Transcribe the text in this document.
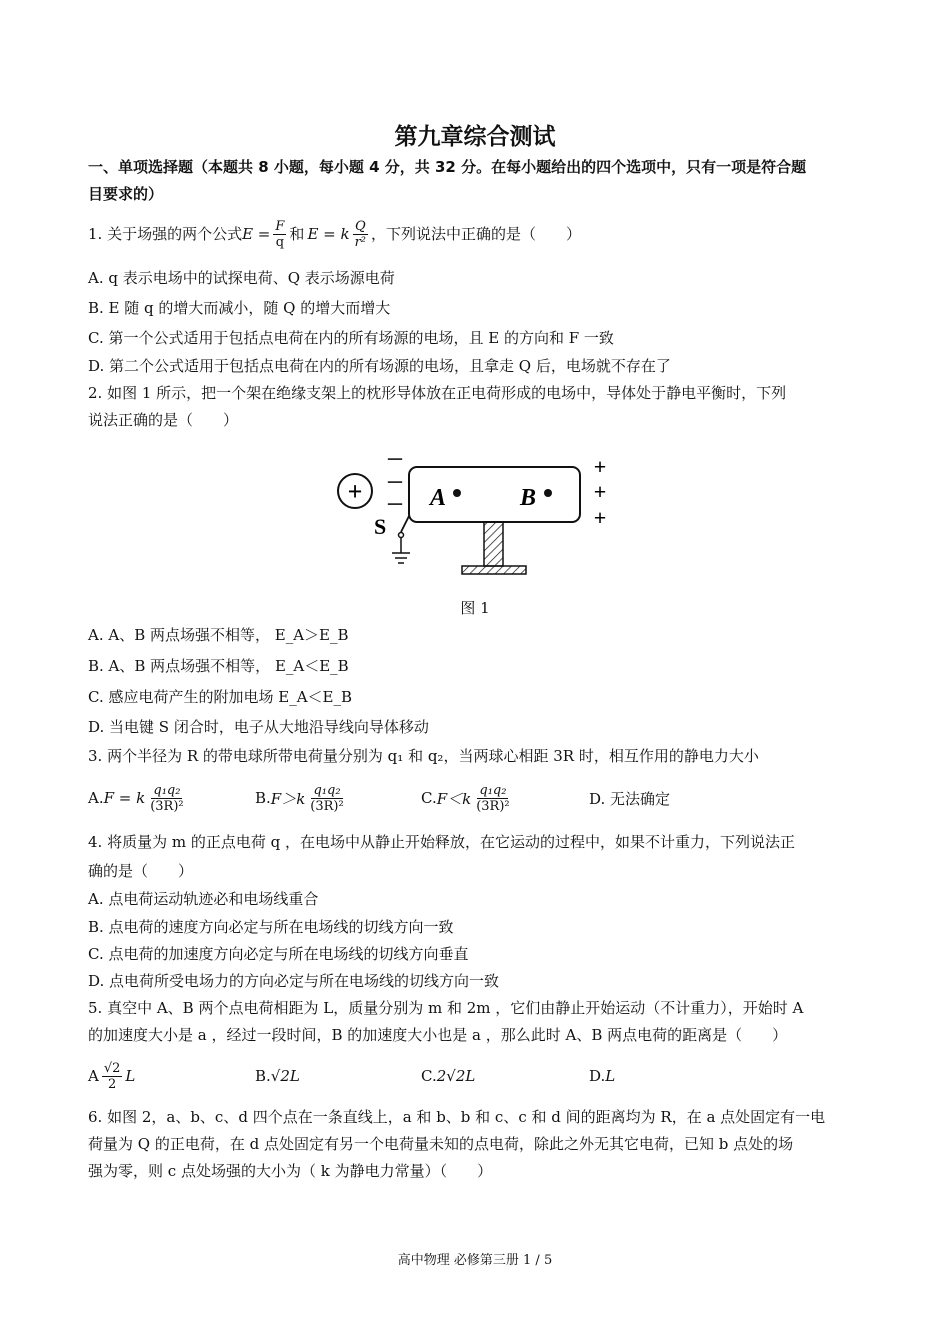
第九章综合测试
一、单项选择题（本题共 8 小题，每小题 4 分，共 32 分。在每小题给出的四个选项中，只有一项是符合题
目要求的）
1. 关于场强的两个公式 $E = \frac{F}{q}$ 和 E = k $\frac{Q}{\text{r²}}$ ，下列说法中正确的是（　　）
A. q 表示电场中的试探电荷、Q 表示场源电荷
B. E 随 q 的增大而减小，随 Q 的增大而增大
C. 第一个公式适用于包括点电荷在内的所有场源的电场，且 E 的方向和 F 一致
D. 第二个公式适用于包括点电荷在内的所有场源的电场，且拿走 Q 后，电场就不存在了
2. 如图 1 所示，把一个架在绝缘支架上的枕形导体放在正电荷形成的电场中，导体处于静电平衡时，下列
说法正确的是（　　）
+	A	B
－
－
－
+
+
+
S
图 1
A. A、B 两点场强不相等， E_A＞E_B
B. A、B 两点场强不相等， E_A＜E_B
C. 感应电荷产生的附加电场 E_A＜E_B
D. 当电键 S 闭合时，电子从大地沿导线向导体移动
3. 两个半径为 R 的带电球所带电荷量分别为 q₁ 和 q₂，当两球心相距 3R 时，相互作用的静电力大小
A. F = k $\frac{\text{q₁q₂}}{\text{(3R)²}}$	B. $F>k \frac{\text{q₁q₂}}{\text{(3R)²}}$	C. $F<k \frac{\text{q₁q₂}}{\text{(3R)²}}$	D. 无法确定
4. 将质量为 m 的正点电荷 q ，在电场中从静止开始释放，在它运动的过程中，如果不计重力，下列说法正
确的是（　　）
A. 点电荷运动轨迹必和电场线重合
B. 点电荷的速度方向必定与所在电场线的切线方向一致
C. 点电荷的加速度方向必定与所在电场线的切线方向垂直
D. 点电荷所受电场力的方向必定与所在电场线的切线方向一致
5. 真空中 A、B 两个点电荷相距为 L，质量分别为 m 和 2m ，它们由静止开始运动（不计重力），开始时 A
的加速度大小是 a ，经过一段时间，B 的加速度大小也是 a ，那么此时 A、B 两点电荷的距离是（　　）
A $\frac{√2}{2}$ L	B. √2L	C. 2√2L	D. L
6. 如图 2，a、b、c、d 四个点在一条直线上，a 和 b、b 和 c、c 和 d 间的距离均为 R，在 a 点处固定有一电
荷量为 Q 的正电荷，在 d 点处固定有另一个电荷量未知的点电荷，除此之外无其它电荷，已知 b 点处的场
强为零，则 c 点处场强的大小为（ k 为静电力常量）（　　）
高中物理 必修第三册 1 / 5
